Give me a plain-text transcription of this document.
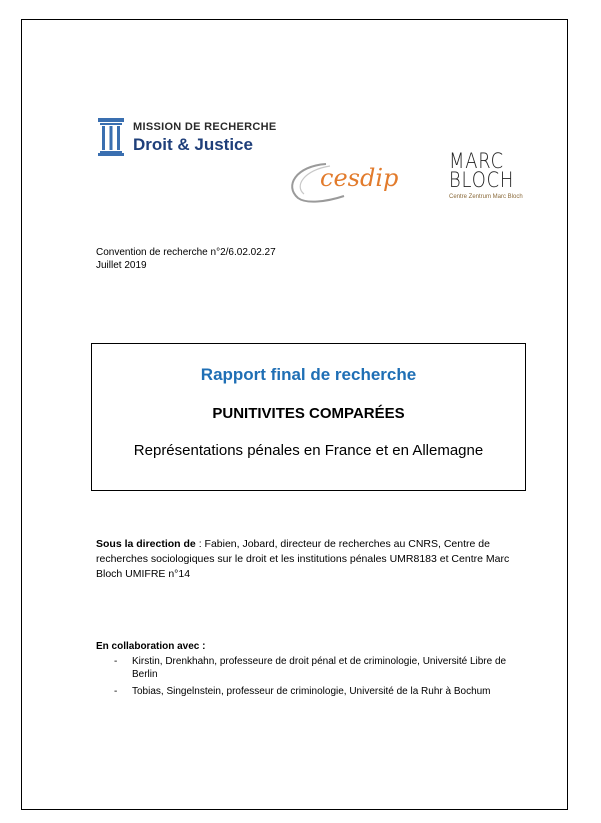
MISSION DE RECHERCHE
Droit & Justice
cesdip
MARC
BLOCH
Centre Zentrum Marc Bloch
Convention de recherche n°2/6.02.02.27
Juillet 2019
Rapport final de recherche
PUNITIVITES COMPARÉES
Représentations pénales en France et en Allemagne
Sous la direction de : Fabien, Jobard, directeur de recherches au CNRS, Centre de recherches sociologiques sur le droit et les institutions pénales UMR8183 et Centre Marc Bloch UMIFRE n°14
En collaboration avec :
- Kirstin, Drenkhahn, professeure de droit pénal et de criminologie, Université Libre de Berlin
- Tobias, Singelnstein, professeur de criminologie, Université de la Ruhr à Bochum
